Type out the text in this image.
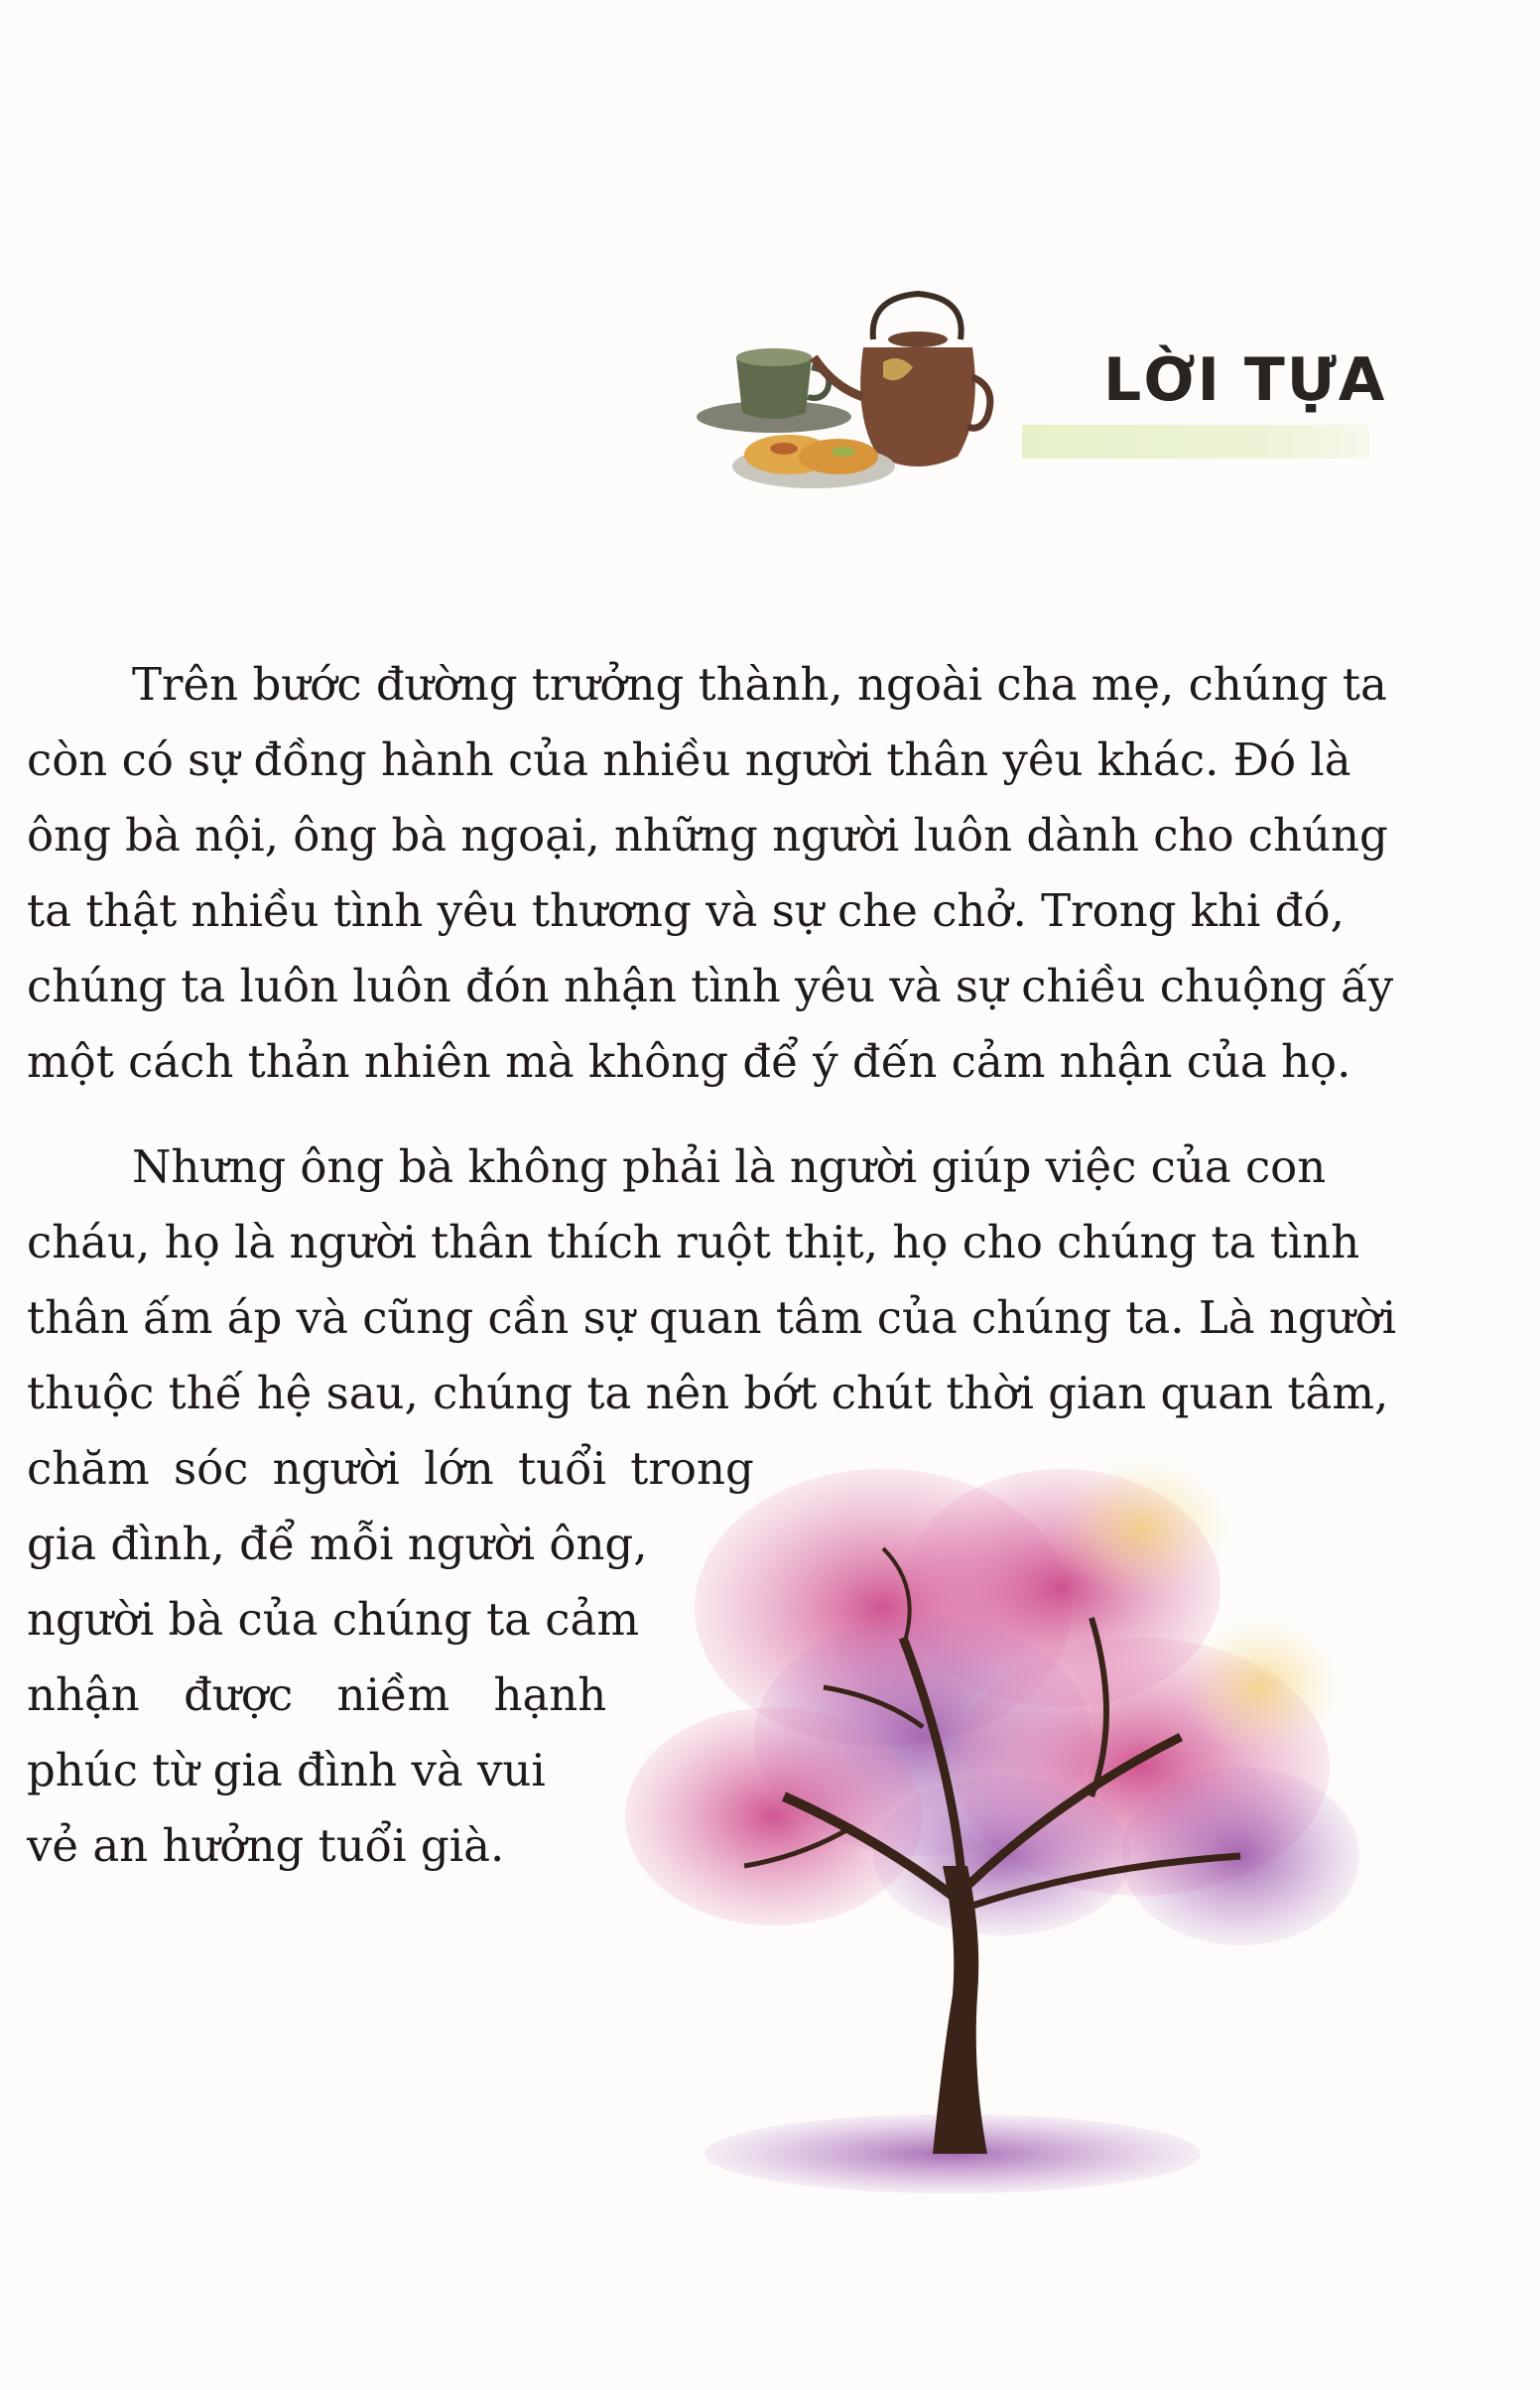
LỜI TỰA

Trên bước đường trưởng thành, ngoài cha mẹ, chúng ta
còn có sự đồng hành của nhiều người thân yêu khác. Đó là
ông bà nội, ông bà ngoại, những người luôn dành cho chúng
ta thật nhiều tình yêu thương và sự che chở. Trong khi đó,
chúng ta luôn luôn đón nhận tình yêu và sự chiều chuộng ấy
một cách thản nhiên mà không để ý đến cảm nhận của họ.

Nhưng ông bà không phải là người giúp việc của con
cháu, họ là người thân thích ruột thịt, họ cho chúng ta tình
thân ấm áp và cũng cần sự quan tâm của chúng ta. Là người
thuộc thế hệ sau, chúng ta nên bớt chút thời gian quan tâm,

chăm sóc người lớn tuổi trong
gia đình, để mỗi người ông,
người bà của chúng ta cảm
nhận được niềm hạnh
phúc từ gia đình và vui
vẻ an hưởng tuổi già.
